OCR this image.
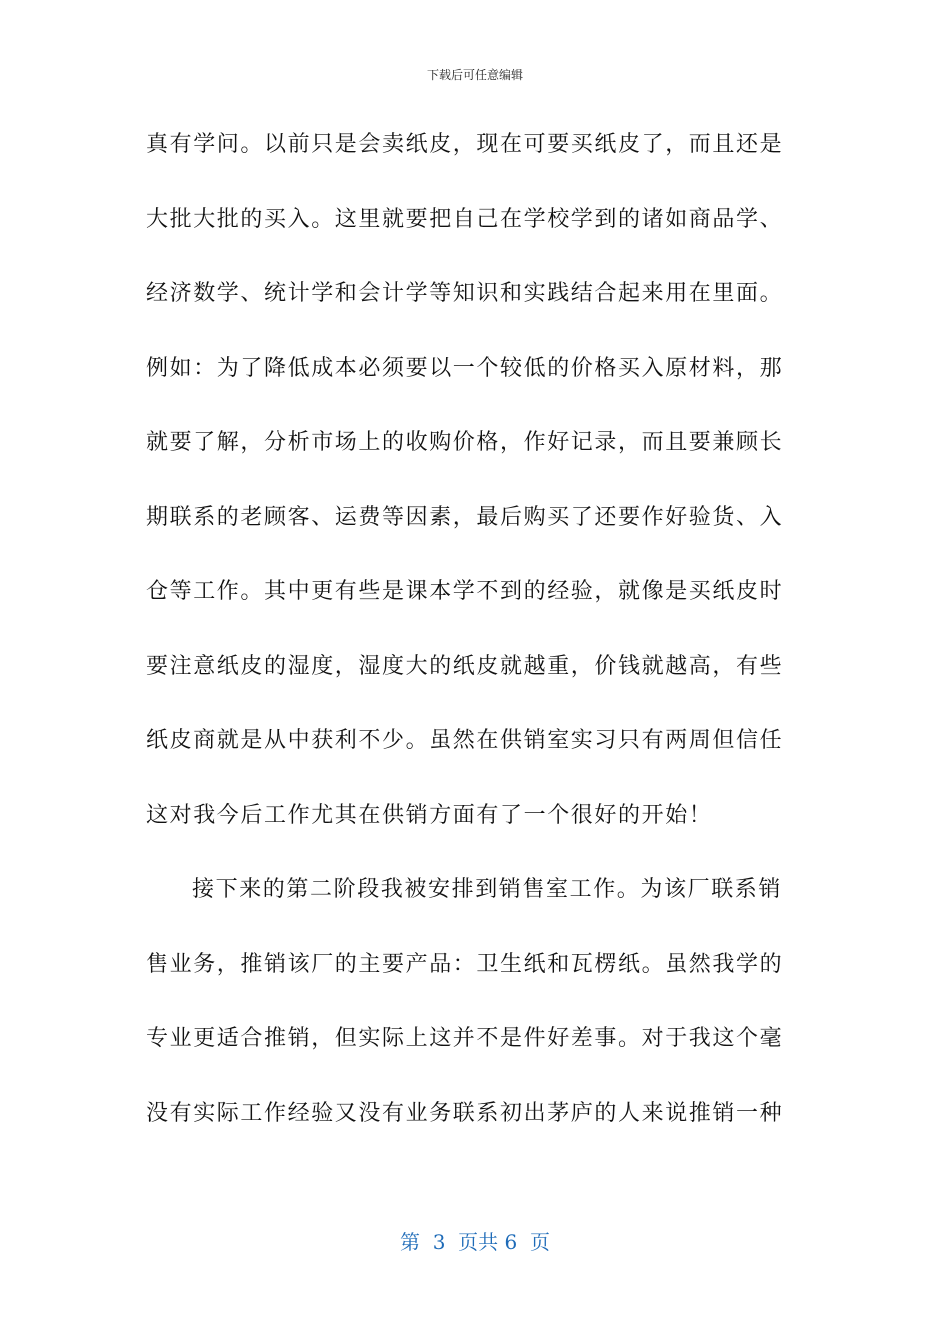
下载后可任意编辑
真有学问。以前只是会卖纸皮，现在可要买纸皮了，而且还是
大批大批的买入。这里就要把自己在学校学到的诸如商品学、
经济数学、统计学和会计学等知识和实践结合起来用在里面。
例如：为了降低成本必须要以一个较低的价格买入原材料，那
就要了解，分析市场上的收购价格，作好记录，而且要兼顾长
期联系的老顾客、运费等因素，最后购买了还要作好验货、入
仓等工作。其中更有些是课本学不到的经验，就像是买纸皮时
要注意纸皮的湿度，湿度大的纸皮就越重，价钱就越高，有些
纸皮商就是从中获利不少。虽然在供销室实习只有两周但信任
这对我今后工作尤其在供销方面有了一个很好的开始！
接下来的第二阶段我被安排到销售室工作。为该厂联系销
售业务，推销该厂的主要产品：卫生纸和瓦楞纸。虽然我学的
专业更适合推销，但实际上这并不是件好差事。对于我这个毫
没有实际工作经验又没有业务联系初出茅庐的人来说推销一种
第  3  页共 6  页
